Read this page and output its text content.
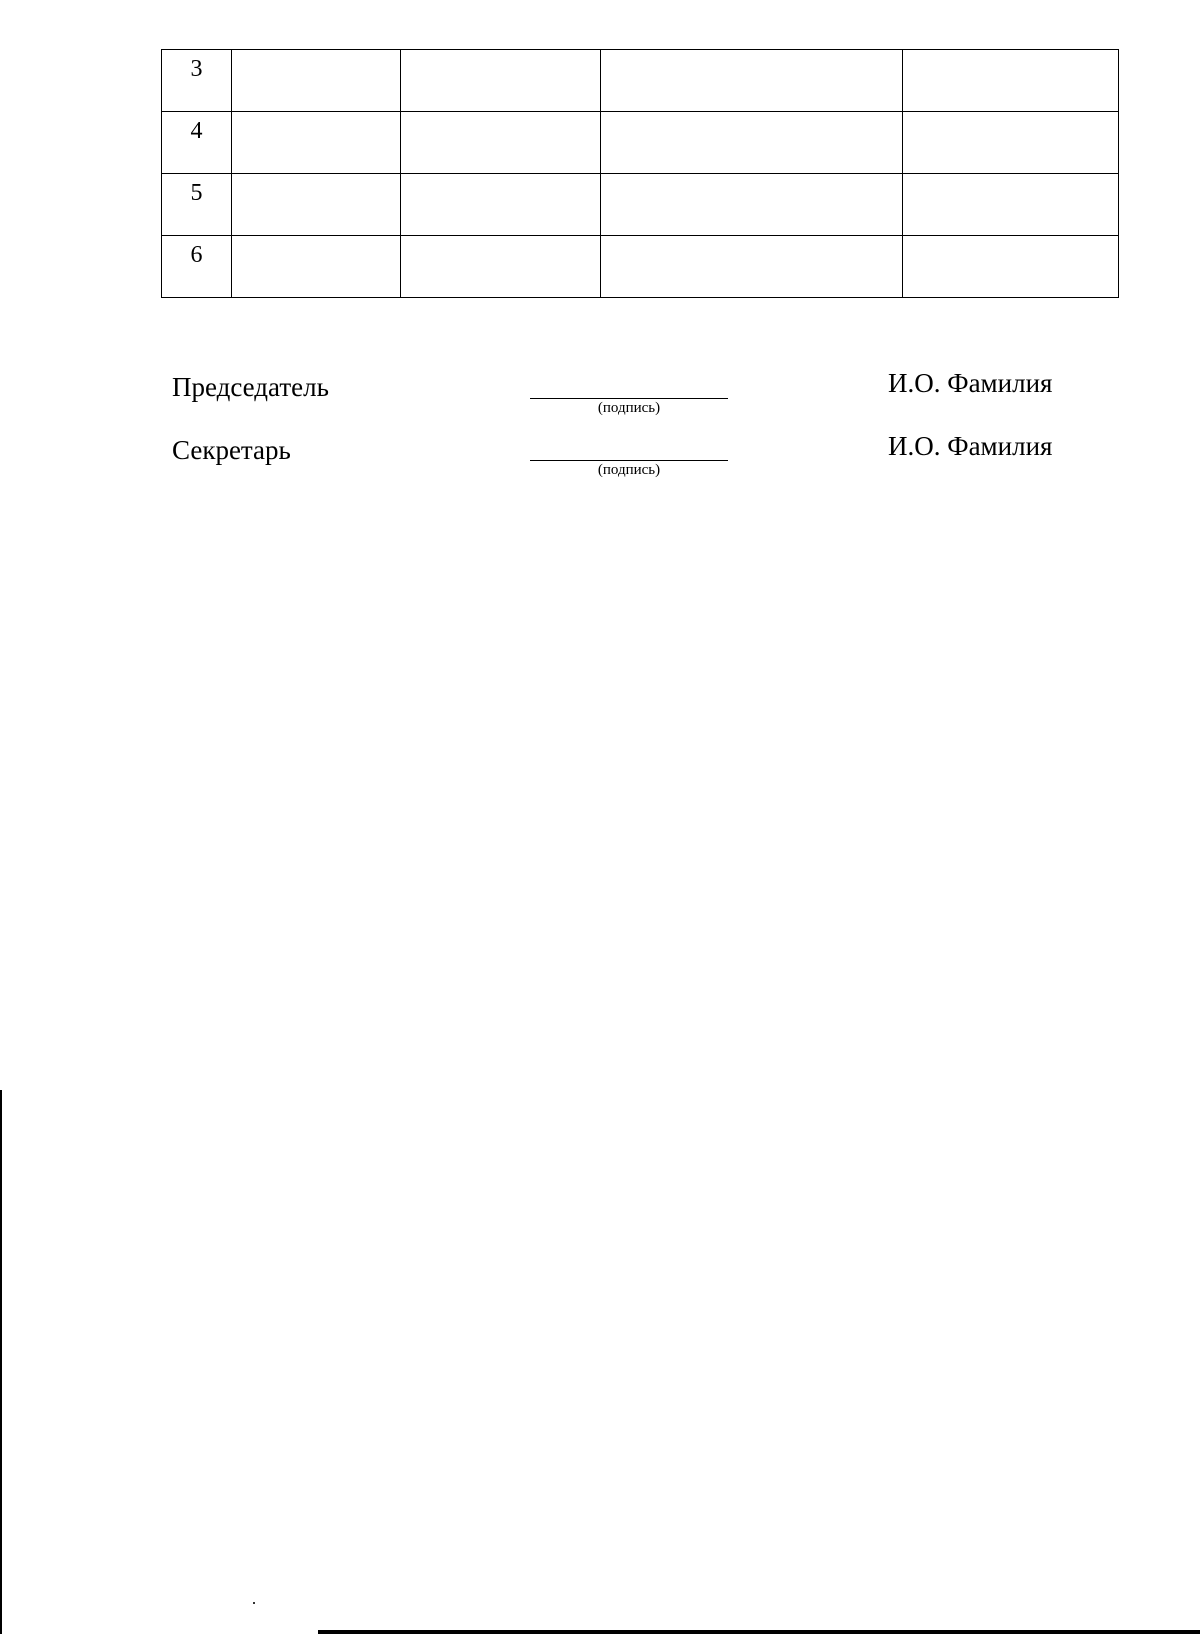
3				
4				
5				
6				
Председатель
(подпись)
И.О. Фамилия
Секретарь
(подпись)
И.О. Фамилия
